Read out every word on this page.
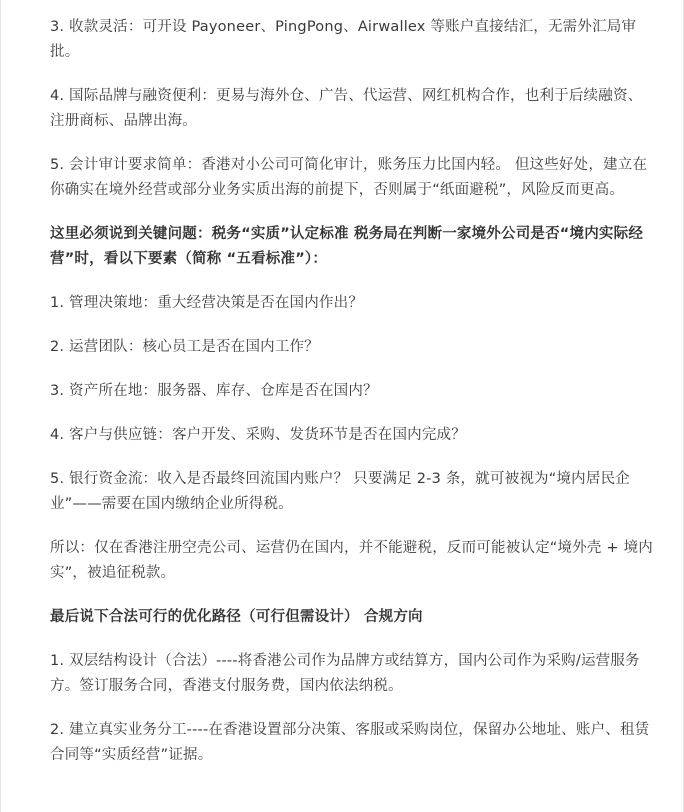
3. 收款灵活：可开设 Payoneer、PingPong、Airwallex 等账户直接结汇，无需外汇局审批。

4. 国际品牌与融资便利：更易与海外仓、广告、代运营、网红机构合作，也利于后续融资、注册商标、品牌出海。

5. 会计审计要求简单：香港对小公司可简化审计，账务压力比国内轻。 但这些好处，建立在你确实在境外经营或部分业务实质出海的前提下，否则属于“纸面避税”，风险反而更高。

这里必须说到关键问题：税务“实质”认定标准 税务局在判断一家境外公司是否“境内实际经营”时，看以下要素（简称 “五看标准”）：

1. 管理决策地：重大经营决策是否在国内作出？

2. 运营团队：核心员工是否在国内工作？

3. 资产所在地：服务器、库存、仓库是否在国内？

4. 客户与供应链：客户开发、采购、发货环节是否在国内完成？

5. 银行资金流：收入是否最终回流国内账户？ 只要满足 2-3 条，就可被视为“境内居民企业”——需要在国内缴纳企业所得税。

所以：仅在香港注册空壳公司、运营仍在国内，并不能避税，反而可能被认定“境外壳 + 境内实”，被追征税款。

最后说下合法可行的优化路径（可行但需设计） 合规方向

1. 双层结构设计（合法）----将香港公司作为品牌方或结算方，国内公司作为采购/运营服务方。签订服务合同，香港支付服务费，国内依法纳税。

2. 建立真实业务分工----在香港设置部分决策、客服或采购岗位，保留办公地址、账户、租赁合同等“实质经营”证据。
